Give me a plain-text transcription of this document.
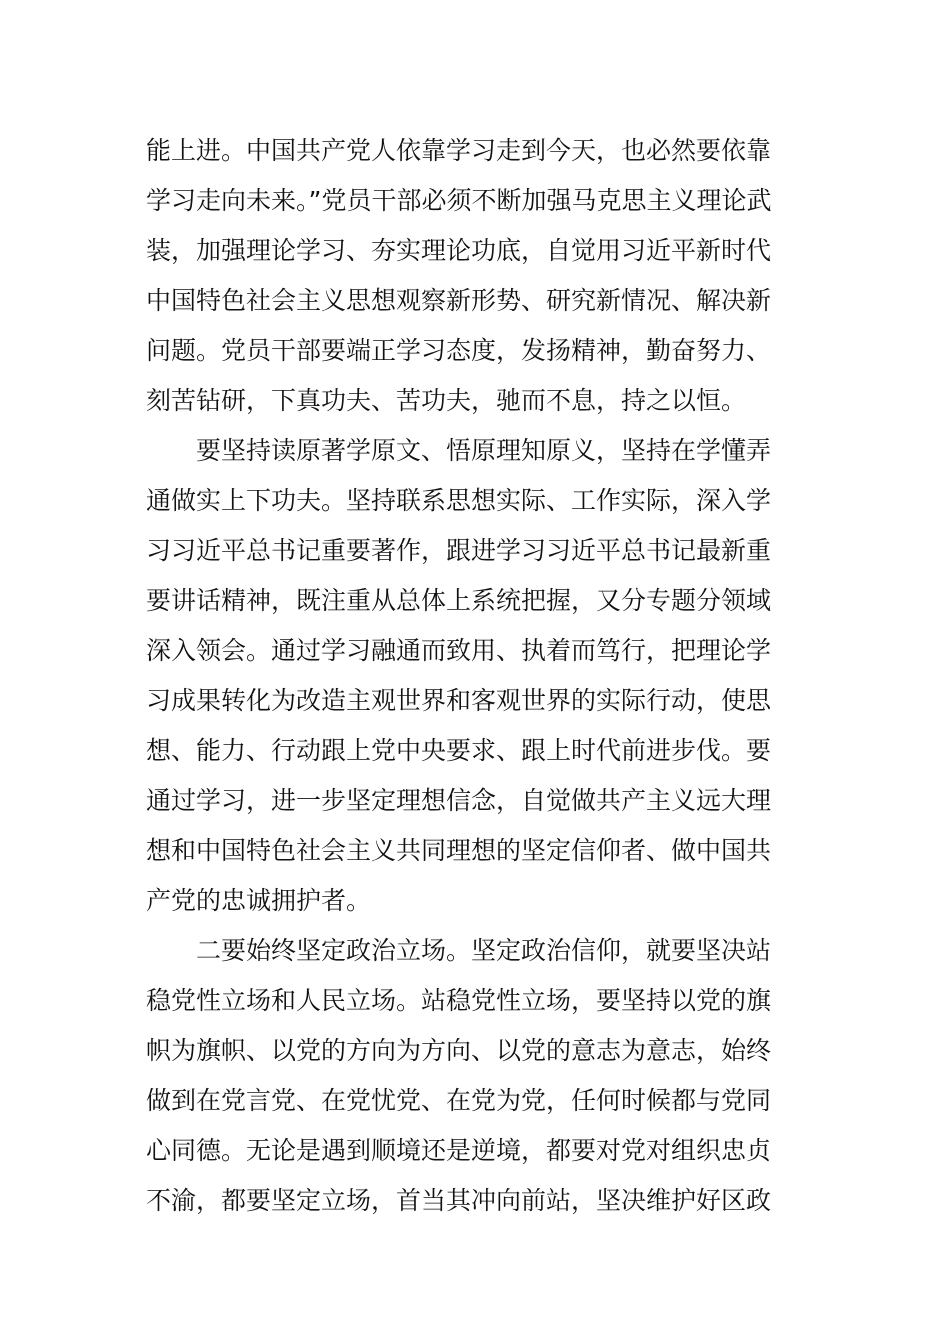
能上进。中国共产党人依靠学习走到今天，也必然要依靠
学习走向未来。”党员干部必须不断加强马克思主义理论武
装，加强理论学习、夯实理论功底，自觉用习近平新时代
中国特色社会主义思想观察新形势、研究新情况、解决新
问题。党员干部要端正学习态度，发扬精神，勤奋努力、
刻苦钻研，下真功夫、苦功夫，驰而不息，持之以恒。
要坚持读原著学原文、悟原理知原义，坚持在学懂弄
通做实上下功夫。坚持联系思想实际、工作实际，深入学
习习近平总书记重要著作，跟进学习习近平总书记最新重
要讲话精神，既注重从总体上系统把握，又分专题分领域
深入领会。通过学习融通而致用、执着而笃行，把理论学
习成果转化为改造主观世界和客观世界的实际行动，使思
想、能力、行动跟上党中央要求、跟上时代前进步伐。要
通过学习，进一步坚定理想信念，自觉做共产主义远大理
想和中国特色社会主义共同理想的坚定信仰者、做中国共
产党的忠诚拥护者。
二要始终坚定政治立场。坚定政治信仰，就要坚决站
稳党性立场和人民立场。站稳党性立场，要坚持以党的旗
帜为旗帜、以党的方向为方向、以党的意志为意志，始终
做到在党言党、在党忧党、在党为党，任何时候都与党同
心同德。无论是遇到顺境还是逆境，都要对党对组织忠贞
不渝，都要坚定立场，首当其冲向前站，坚决维护好区政
